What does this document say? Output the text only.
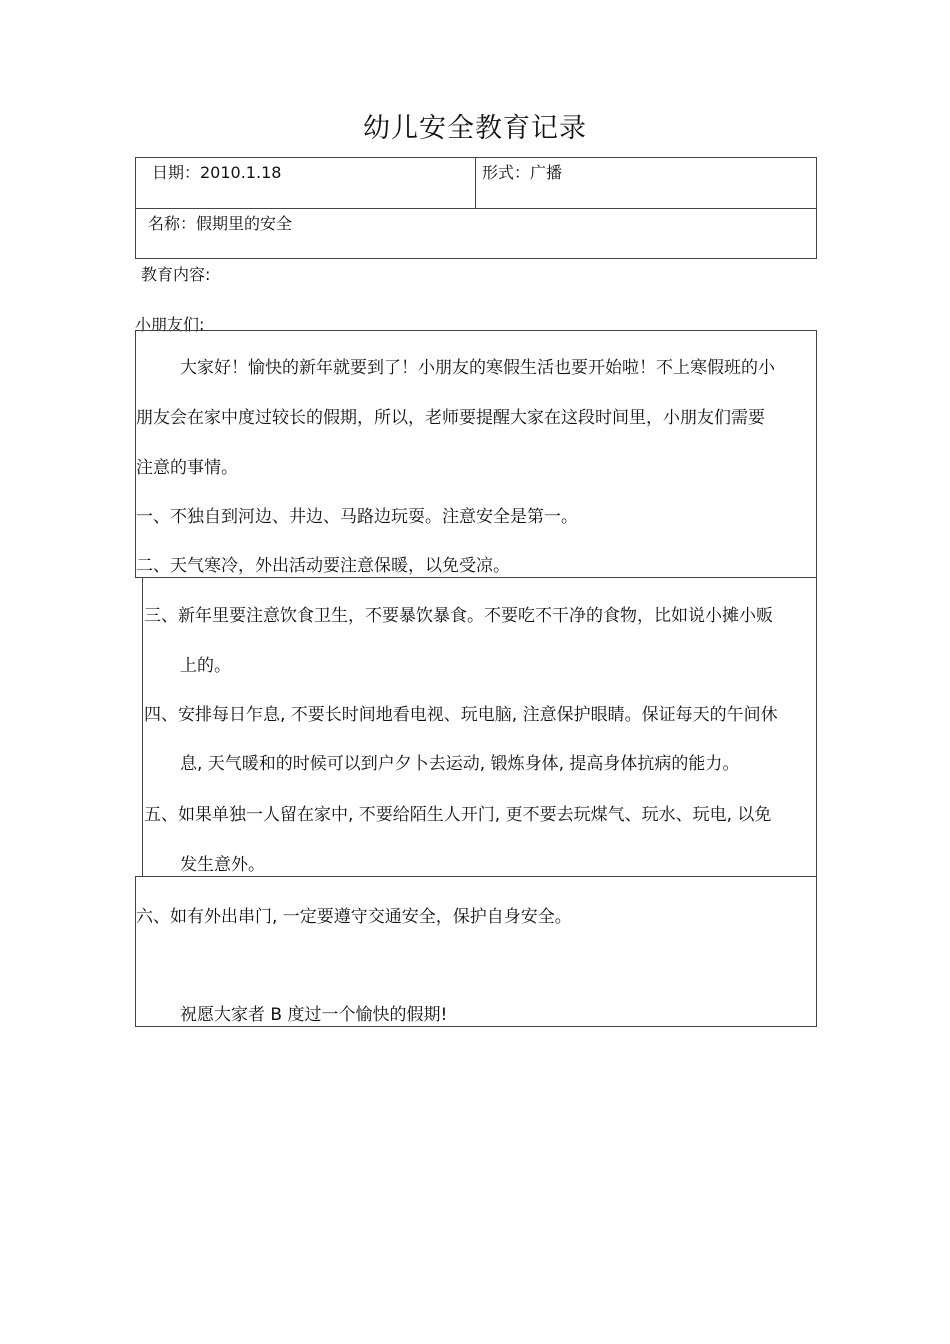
幼儿安全教育记录
日期：2010.1.18	形式：广播
名称：假期里的安全
教育内容:
小朋友们:
大家好！愉快的新年就要到了！小朋友的寒假生活也要开始啦！不上寒假班的小
朋友会在家中度过较长的假期，所以，老师要提醒大家在这段时间里，小朋友们需要
注意的事情。
一、不独自到河边、井边、马路边玩耍。注意安全是第一。
二、天气寒冷，外出活动要注意保暖，以免受凉。
三、新年里要注意饮食卫生，不要暴饮暴食。不要吃不干净的食物，比如说小摊小贩
上的。
四、安排每日乍息, 不要长时间地看电视、玩电脑, 注意保护眼睛。保证每天的午间休
息, 天气暖和的时候可以到户夕卜去运动, 锻炼身体, 提高身体抗病的能力。
五、如果单独一人留在家中, 不要给陌生人开门, 更不要去玩煤气、玩水、玩电, 以免
发生意外。
六、如有外出串门, 一定要遵守交通安全，保护自身安全。
祝愿大家者 B 度过一个愉快的假期!
